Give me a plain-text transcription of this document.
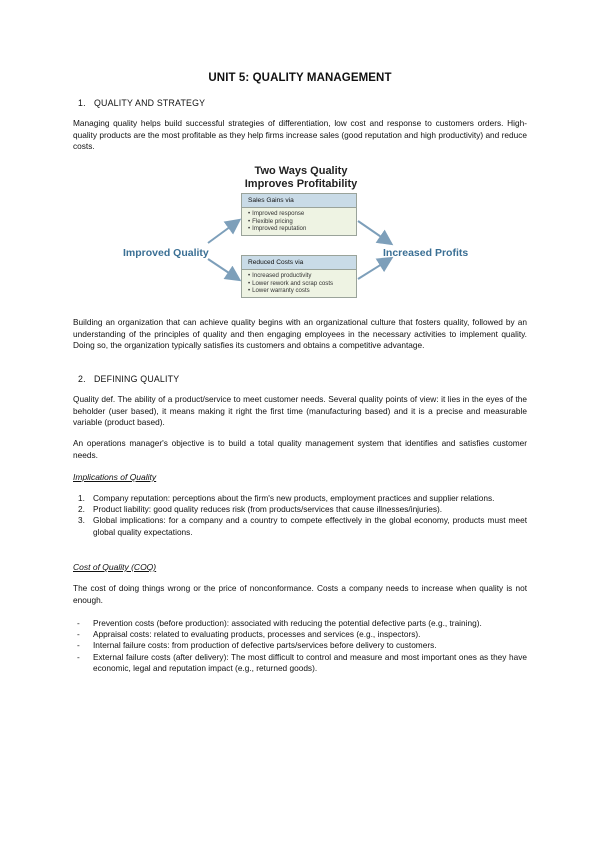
UNIT 5: QUALITY MANAGEMENT
1. QUALITY AND STRATEGY

Managing quality helps build successful strategies of differentiation, low cost and response to customers orders. High-quality products are the most profitable as they help firms increase sales (good reputation and high productivity) and reduce costs.

Two Ways Quality
Improves Profitability
Improved Quality	Increased Profits
Sales Gains via
• Improved response
• Flexible pricing
• Improved reputation
Reduced Costs via
• Increased productivity
• Lower rework and scrap costs
• Lower warranty costs

Building an organization that can achieve quality begins with an organizational culture that fosters quality, followed by an understanding of the principles of quality and then engaging employees in the necessary activities to implement quality. Doing so, the organization typically satisfies its customers and obtains a competitive advantage.

2. DEFINING QUALITY

Quality def. The ability of a product/service to meet customer needs. Several quality points of view: it lies in the eyes of the beholder (user based), it means making it right the first time (manufacturing based) and it is a precise and measurable variable (product based).

An operations manager's objective is to build a total quality management system that identifies and satisfies customer needs.

Implications of Quality
1. Company reputation: perceptions about the firm's new products, employment practices and supplier relations.
2. Product liability: good quality reduces risk (from products/services that cause illnesses/injuries).
3. Global implications: for a company and a country to compete effectively in the global economy, products must meet global quality expectations.
Cost of Quality (COQ)

The cost of doing things wrong or the price of nonconformance. Costs a company needs to increase when quality is not enough.

- Prevention costs (before production): associated with reducing the potential defective parts (e.g., training).
- Appraisal costs: related to evaluating products, processes and services (e.g., inspectors).
- Internal failure costs: from production of defective parts/services before delivery to customers.
- External failure costs (after delivery): The most difficult to control and measure and most important ones as they have economic, legal and reputation impact (e.g., returned goods).
